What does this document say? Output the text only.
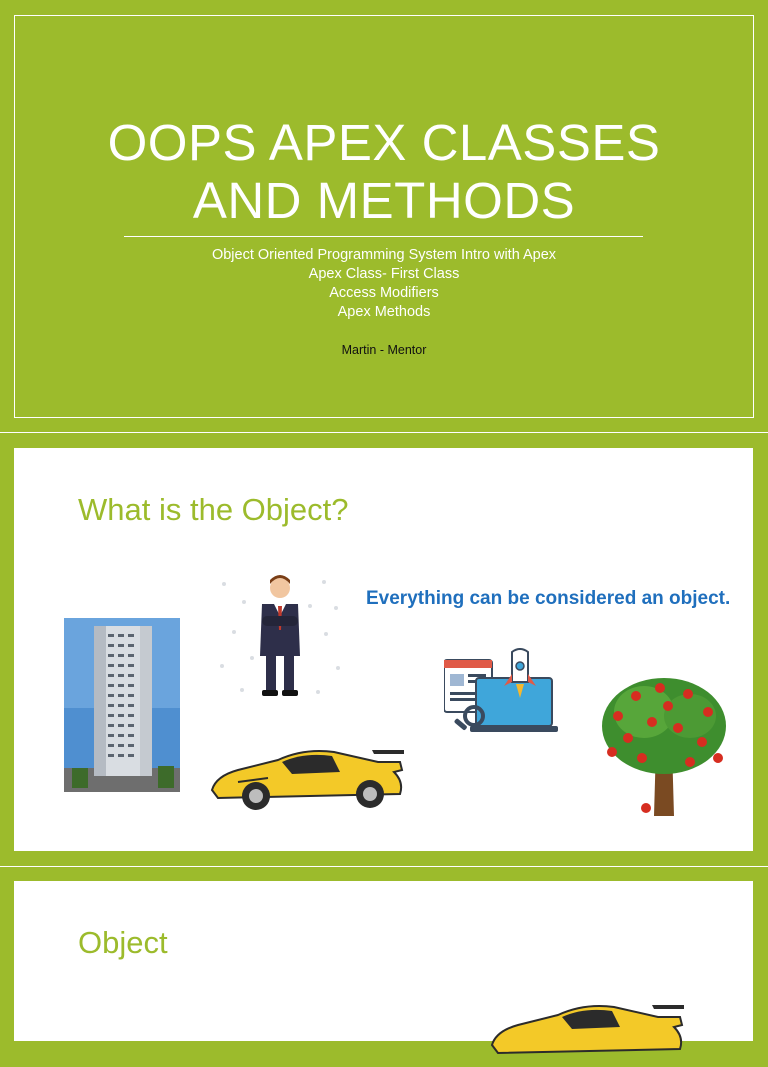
OOPS APEX CLASSES
AND METHODS
Object Oriented Programming System Intro with Apex
Apex Class- First Class
Access Modifiers
Apex Methods
Martin - Mentor
What is the Object?
Everything can be considered an object.
Object
